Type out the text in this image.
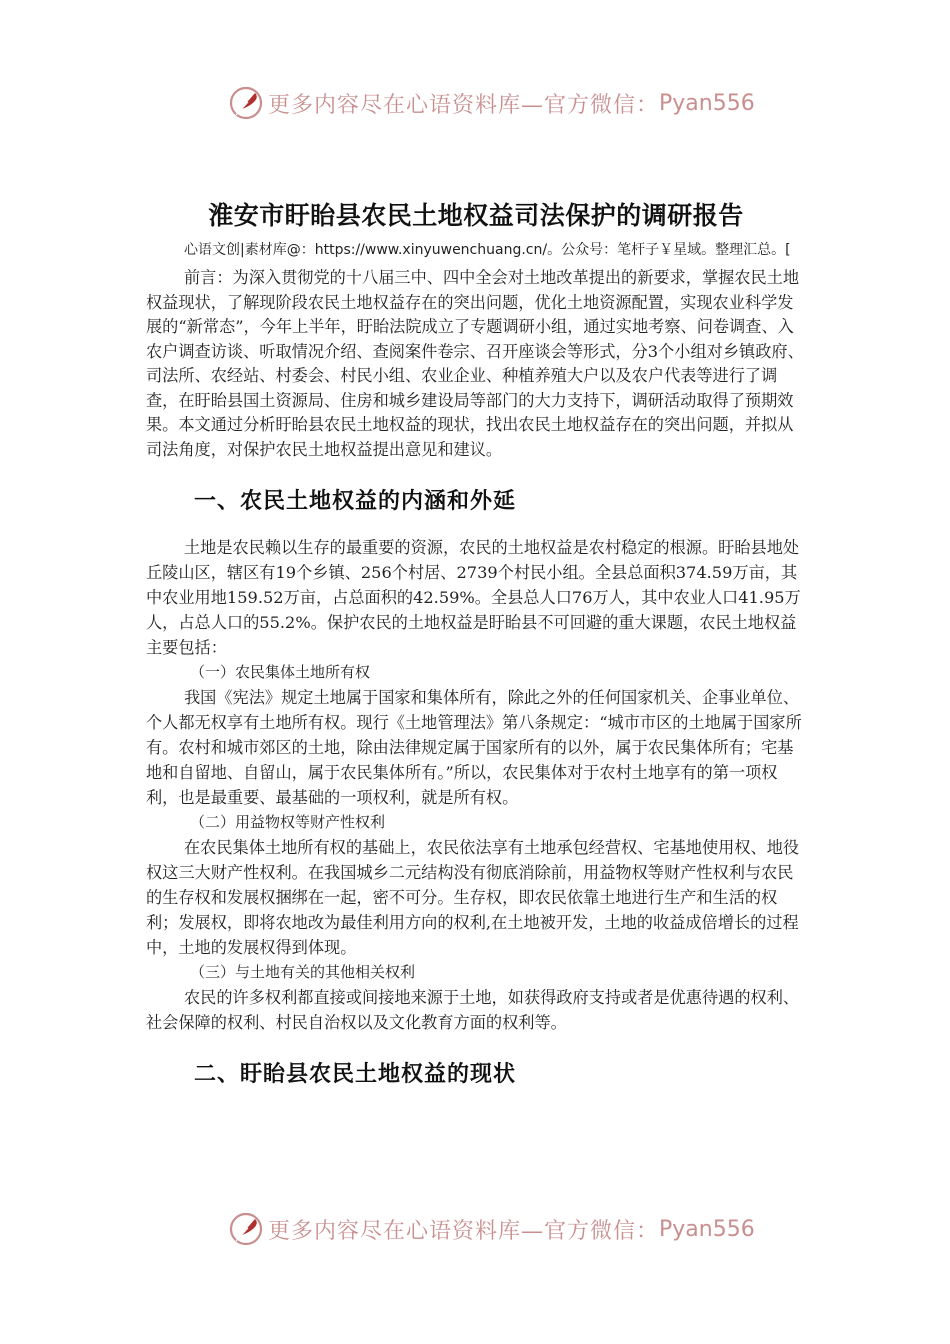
更多内容尽在心语资料库—官方微信： Pyan556
淮安市盱眙县农民土地权益司法保护的调研报告

心语文创|素材库@：https://www.xinyuwenchuang.cn/。公众号：笔杆子￥星域。整理汇总。[

前言：为深入贯彻党的十八届三中、四中全会对土地改革提出的新要求，掌握农民土地权益现状，了解现阶段农民土地权益存在的突出问题，优化土地资源配置，实现农业科学发展的“新常态”，今年上半年，盱眙法院成立了专题调研小组，通过实地考察、问卷调查、入农户调查访谈、听取情况介绍、查阅案件卷宗、召开座谈会等形式，分3个小组对乡镇政府、司法所、农经站、村委会、村民小组、农业企业、种植养殖大户以及农户代表等进行了调查，在盱眙县国土资源局、住房和城乡建设局等部门的大力支持下，调研活动取得了预期效果。本文通过分析盱眙县农民土地权益的现状，找出农民土地权益存在的突出问题，并拟从司法角度，对保护农民土地权益提出意见和建议。

一、农民土地权益的内涵和外延

土地是农民赖以生存的最重要的资源，农民的土地权益是农村稳定的根源。盱眙县地处丘陵山区，辖区有19个乡镇、256个村居、2739个村民小组。全县总面积374.59万亩，其中农业用地159.52万亩，占总面积的42.59%。全县总人口76万人，其中农业人口41.95万人，占总人口的55.2%。保护农民的土地权益是盱眙县不可回避的重大课题，农民土地权益主要包括：

（一）农民集体土地所有权

我国《宪法》规定土地属于国家和集体所有，除此之外的任何国家机关、企事业单位、个人都无权享有土地所有权。现行《土地管理法》第八条规定：“城市市区的土地属于国家所有。农村和城市郊区的土地，除由法律规定属于国家所有的以外，属于农民集体所有；宅基地和自留地、自留山，属于农民集体所有。”所以，农民集体对于农村土地享有的第一项权利，也是最重要、最基础的一项权利，就是所有权。

（二）用益物权等财产性权利

在农民集体土地所有权的基础上，农民依法享有土地承包经营权、宅基地使用权、地役权这三大财产性权利。在我国城乡二元结构没有彻底消除前，用益物权等财产性权利与农民的生存权和发展权捆绑在一起，密不可分。生存权，即农民依靠土地进行生产和生活的权利；发展权，即将农地改为最佳利用方向的权利,在土地被开发，土地的收益成倍增长的过程中，土地的发展权得到体现。

（三）与土地有关的其他相关权利

农民的许多权利都直接或间接地来源于土地，如获得政府支持或者是优惠待遇的权利、社会保障的权利、村民自治权以及文化教育方面的权利等。

二、盱眙县农民土地权益的现状
更多内容尽在心语资料库—官方微信： Pyan556
